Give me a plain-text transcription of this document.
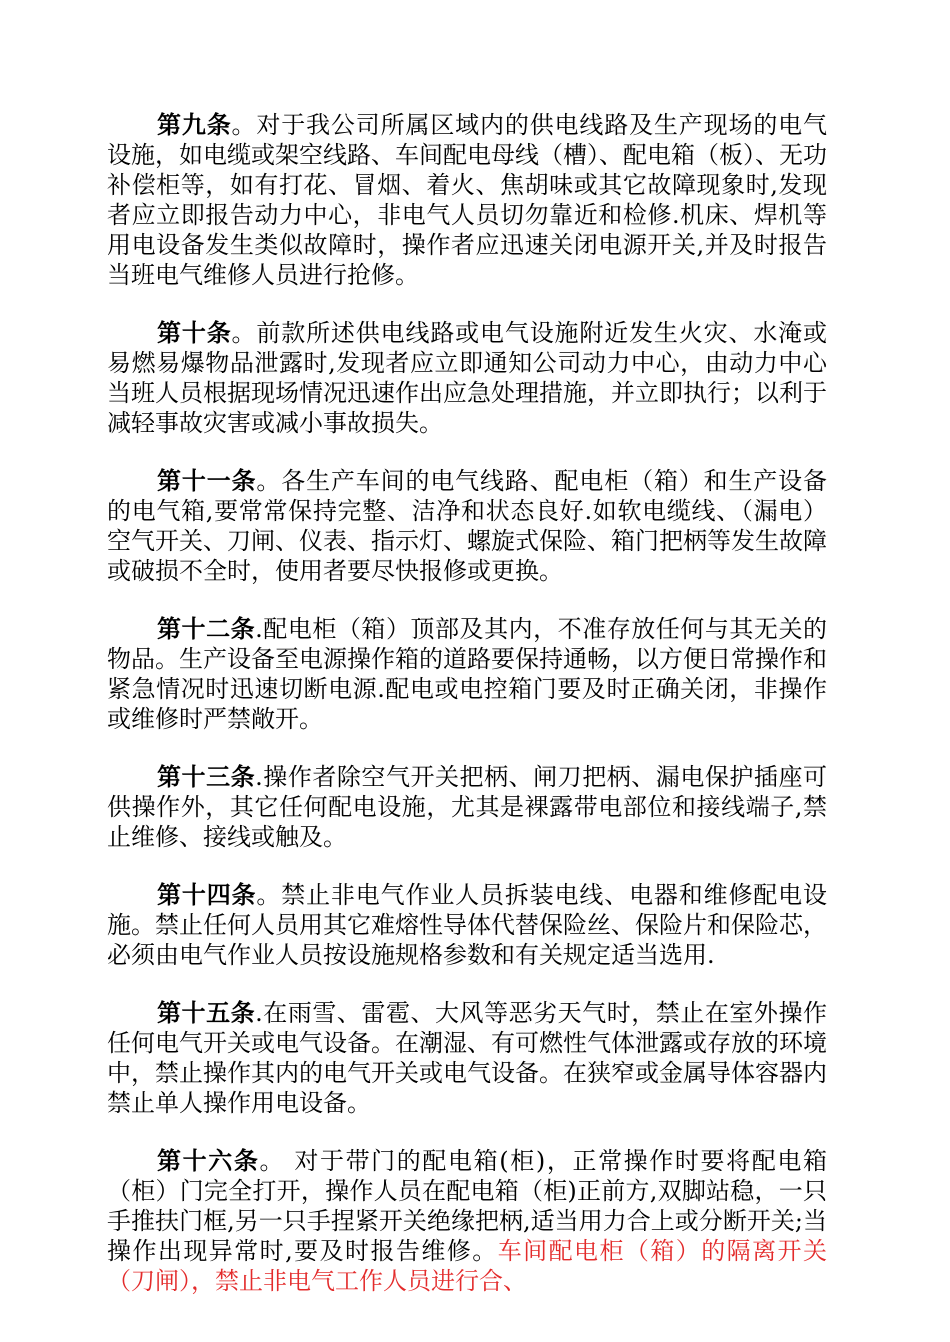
第九条。对于我公司所属区域内的供电线路及生产现场的电气设施，如电缆或架空线路、车间配电母线（槽）、配电箱（板）、无功补偿柜等，如有打花、冒烟、着火、焦胡味或其它故障现象时,发现者应立即报告动力中心，非电气人员切勿靠近和检修.机床、焊机等用电设备发生类似故障时，操作者应迅速关闭电源开关,并及时报告当班电气维修人员进行抢修。

第十条。前款所述供电线路或电气设施附近发生火灾、水淹或易燃易爆物品泄露时,发现者应立即通知公司动力中心，由动力中心当班人员根据现场情况迅速作出应急处理措施，并立即执行；以利于减轻事故灾害或减小事故损失。

第十一条。各生产车间的电气线路、配电柜（箱）和生产设备的电气箱,要常常保持完整、洁净和状态良好.如软电缆线、（漏电）空气开关、刀闸、仪表、指示灯、螺旋式保险、箱门把柄等发生故障或破损不全时，使用者要尽快报修或更换。

第十二条.配电柜（箱）顶部及其内，不准存放任何与其无关的物品。生产设备至电源操作箱的道路要保持通畅，以方便日常操作和紧急情况时迅速切断电源.配电或电控箱门要及时正确关闭，非操作或维修时严禁敞开。

第十三条.操作者除空气开关把柄、闸刀把柄、漏电保护插座可供操作外，其它任何配电设施，尤其是裸露带电部位和接线端子,禁止维修、接线或触及。

第十四条。禁止非电气作业人员拆装电线、电器和维修配电设施。禁止任何人员用其它难熔性导体代替保险丝、保险片和保险芯，必须由电气作业人员按设施规格参数和有关规定适当选用.

第十五条.在雨雪、雷雹、大风等恶劣天气时，禁止在室外操作任何电气开关或电气设备。在潮湿、有可燃性气体泄露或存放的环境中，禁止操作其内的电气开关或电气设备。在狭窄或金属导体容器内禁止单人操作用电设备。

第十六条。 对于带门的配电箱(柜)，正常操作时要将配电箱（柜）门完全打开，操作人员在配电箱（柜)正前方,双脚站稳，一只手推扶门框,另一只手捏紧开关绝缘把柄,适当用力合上或分断开关;当操作出现异常时,要及时报告维修。车间配电柜（箱）的隔离开关（刀闸），禁止非电气工作人员进行合、
